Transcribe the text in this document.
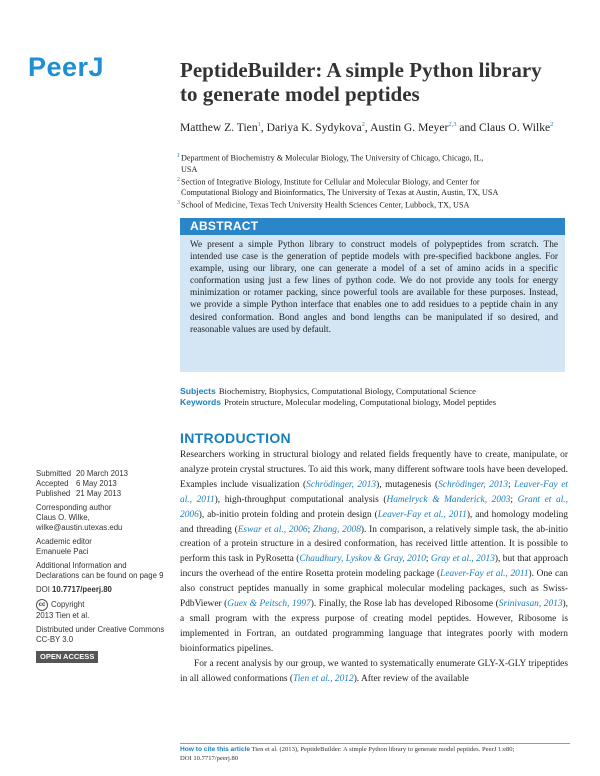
PeerJ	PeptideBuilder: A simple Python library
to generate model peptides
Matthew Z. Tien$^1$, Dariya K. Sydykova$^2$, Austin G. Meyer$^{2,3}$ and Claus O. Wilke$^2$
$^1$Department of Biochemistry & Molecular Biology, The University of Chicago, Chicago, IL,
USA
$^2$Section of Integrative Biology, Institute for Cellular and Molecular Biology, and Center for
Computational Biology and Bioinformatics, The University of Texas at Austin, Austin, TX, USA
$^3$School of Medicine, Texas Tech University Health Sciences Center, Lubbock, TX, USA
ABSTRACT
We present a simple Python library to construct models of polypeptides from scratch. The intended use case is the generation of peptide models with pre-specified backbone angles. For example, using our library, one can generate a model of a set of amino acids in a specific conformation using just a few lines of python code. We do not provide any tools for energy minimization or rotamer packing, since powerful tools are available for these purposes. Instead, we provide a simple Python interface that enables one to add residues to a peptide chain in any desired conformation. Bond angles and bond lengths can be manipulated if so desired, and reasonable values are used by default.
Subjects Biochemistry, Biophysics, Computational Biology, Computational Science
Keywords Protein structure, Molecular modeling, Computational biology, Model peptides
INTRODUCTION

Researchers working in structural biology and related fields frequently have to create, manipulate, or analyze protein crystal structures. To aid this work, many different software tools have been developed. Examples include visualization (Schrödinger, 2013), mutagenesis (Schrödinger, 2013; Leaver-Fay et al., 2011), high-throughput computational analysis (Hamelryck & Manderick, 2003; Grant et al., 2006), ab-initio protein folding and protein design (Leaver-Fay et al., 2011), and homology modeling and threading (Eswar et al., 2006; Zhang, 2008). In comparison, a relatively simple task, the ab-initio creation of a protein structure in a desired conformation, has received little attention. It is possible to perform this task in PyRosetta (Chaudhury, Lyskov & Gray, 2010; Gray et al., 2013), but that approach incurs the overhead of the entire Rosetta protein modeling package (Leaver-Fay et al., 2011). One can also construct peptides manually in some graphical molecular modeling packages, such as Swiss-PdbViewer (Guex & Peitsch, 1997). Finally, the Rose lab has developed Ribosome (Srinivasan, 2013), a small program with the express purpose of creating model peptides. However, Ribosome is implemented in Fortran, an outdated programming language that integrates poorly with modern bioinformatics pipelines.

For a recent analysis by our group, we wanted to systematically enumerate GLY-X-GLY tripeptides in all allowed conformations (Tien et al., 2012). After review of the available

Submitted 20 March 2013
Accepted 6 May 2013
Published 21 May 2013
Corresponding author
Claus O. Wilke,
wilke@austin.utexas.edu
Academic editor
Emanuele Paci
Additional Information and Declarations can be found on page 9
DOI 10.7717/peerj.80
cc Copyright
2013 Tien et al.
Distributed under Creative Commons CC-BY 3.0
OPEN ACCESS
How to cite this article Tien et al. (2013), PeptideBuilder: A simple Python library to generate model peptides. PeerJ 1:e80;
DOI 10.7717/peerj.80
